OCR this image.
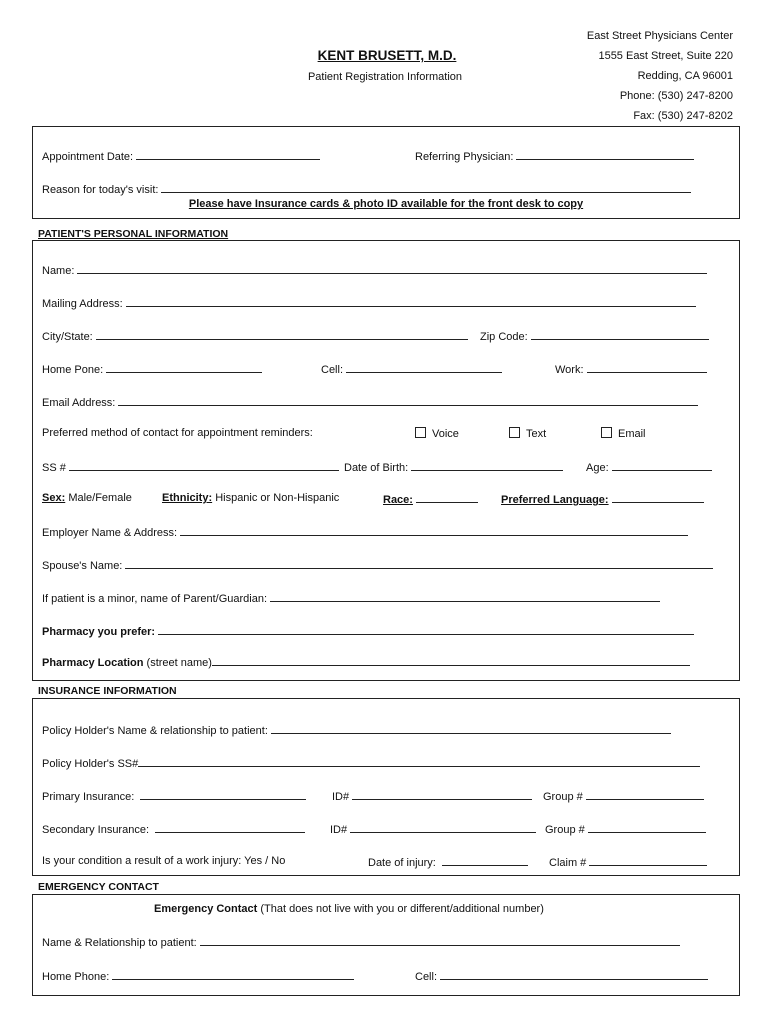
KENT BRUSETT, M.D.
Patient Registration Information
East Street Physicians Center
1555 East Street, Suite 220
Redding, CA 96001
Phone: (530) 247-8200
Fax: (530) 247-8202
Appointment Date:	Referring Physician:
Reason for today's visit:
Please have Insurance cards & photo ID available for the front desk to copy
PATIENT'S PERSONAL INFORMATION
Name:
Mailing Address:
City/State:	Zip Code:
Home Pone:	Cell:	Work:
Email Address:
Preferred method of contact for appointment reminders:	Voice	Text	Email
SS #	Date of Birth:	Age:
Sex: Male/Female	Ethnicity: Hispanic or Non-Hispanic	Race:	Preferred Language:
Employer Name & Address:
Spouse's Name:
If patient is a minor, name of Parent/Guardian:
Pharmacy you prefer:
Pharmacy Location (street name)
INSURANCE INFORMATION
Policy Holder's Name & relationship to patient:
Policy Holder's SS#
Primary Insurance:	ID#	Group #
Secondary Insurance:	ID#	Group #
Is your condition a result of a work injury: Yes / No	Date of injury:	Claim #
EMERGENCY CONTACT
Emergency Contact (That does not live with you or different/additional number)
Name & Relationship to patient:
Home Phone:	Cell:
